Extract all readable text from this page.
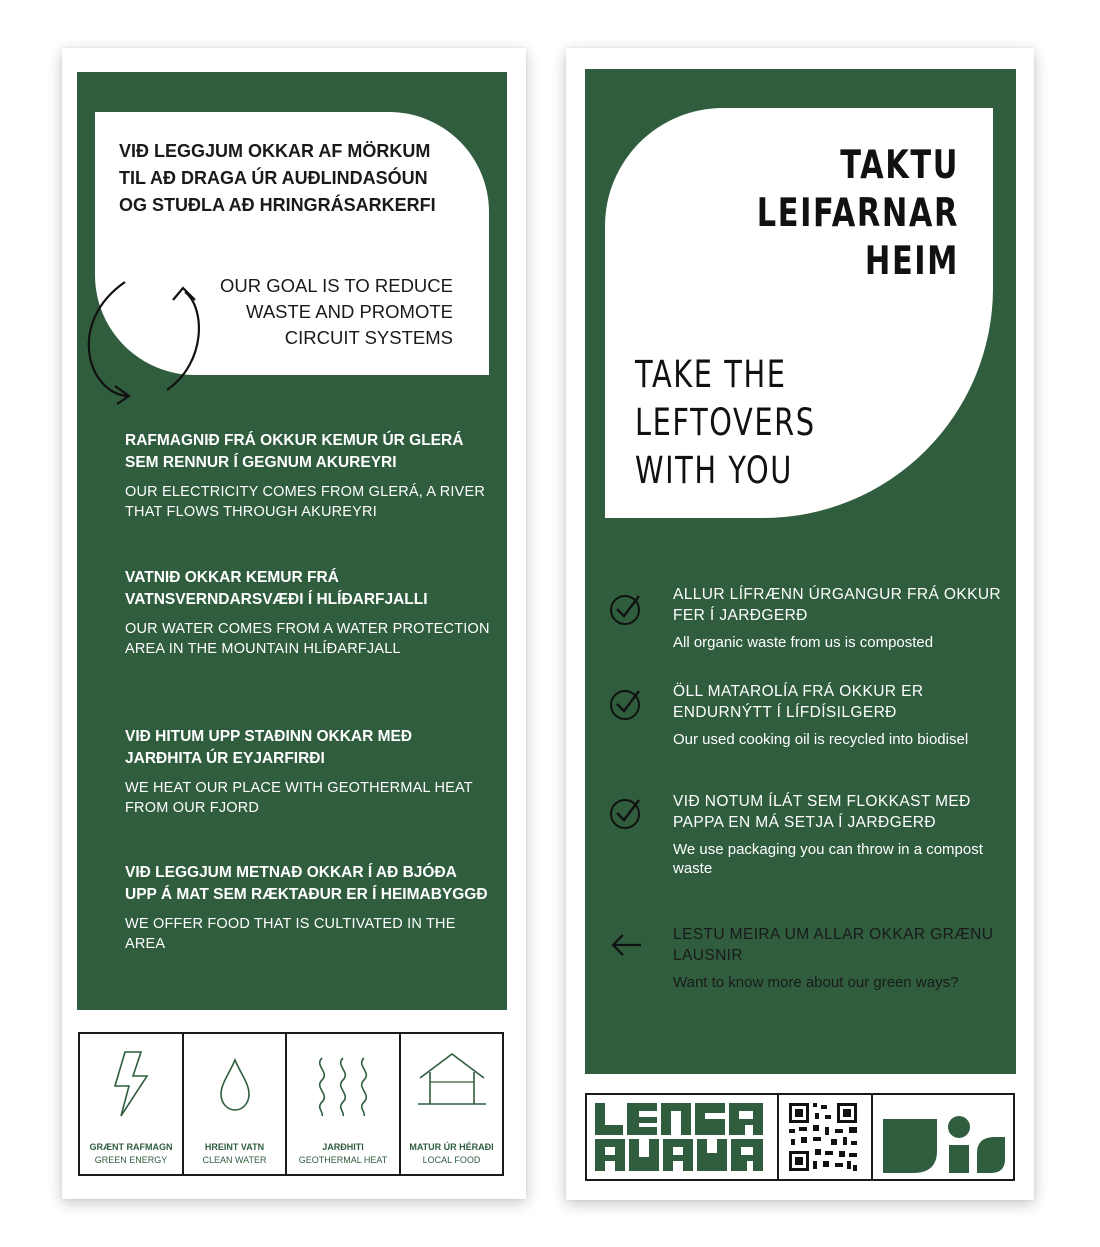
VIÐ LEGGJUM OKKAR AF MÖRKUM TIL AÐ DRAGA ÚR AUÐLINDASÓUN OG STUÐLA AÐ HRINGRÁSARKERFI
OUR GOAL IS TO REDUCE WASTE AND PROMOTE CIRCUIT SYSTEMS
RAFMAGNIÐ FRÁ OKKUR KEMUR ÚR GLERÁ SEM RENNUR Í GEGNUM AKUREYRI
OUR ELECTRICITY COMES FROM GLERÁ, A RIVER THAT FLOWS THROUGH AKUREYRI
VATNIÐ OKKAR KEMUR FRÁ VATNSVERNDARSVÆÐI Í HLÍÐARFJALLI
OUR WATER COMES FROM A WATER PROTECTION AREA IN THE MOUNTAIN HLÍÐARFJALL
VIÐ HITUM UPP STAÐINN OKKAR MEÐ JARÐHITA ÚR EYJARFIRÐI
WE HEAT OUR PLACE WITH GEOTHERMAL HEAT FROM OUR FJORD
VIÐ LEGGJUM METNAÐ OKKAR Í AÐ BJÓÐA UPP Á MAT SEM RÆKTAÐUR ER Í HEIMABYGGÐ
WE OFFER FOOD THAT IS CULTIVATED IN THE AREA
GRÆNT RAFMAGN
GREEN ENERGY
HREINT VATN
CLEAN WATER
JARÐHITI
GEOTHERMAL HEAT
MATUR ÚR HÉRAÐI
LOCAL FOOD
TAKTU LEIFARNAR HEIM
TAKE THE LEFTOVERS WITH YOU
ALLUR LÍFRÆNN ÚRGANGUR FRÁ OKKUR FER Í JARÐGERÐ
All organic waste from us is composted
ÖLL MATAROLÍA FRÁ OKKUR ER ENDURNÝTT Í LÍFDÍSILGERÐ
Our used cooking oil is recycled into biodisel
VIÐ NOTUM ÍLÁT SEM FLOKKAST MEÐ PAPPA EN MÁ SETJA Í JARÐGERÐ
We use packaging you can throw in a compost waste
LESTU MEIRA UM ALLAR OKKAR GRÆNU LAUSNIR
Want to know more about our green ways?
